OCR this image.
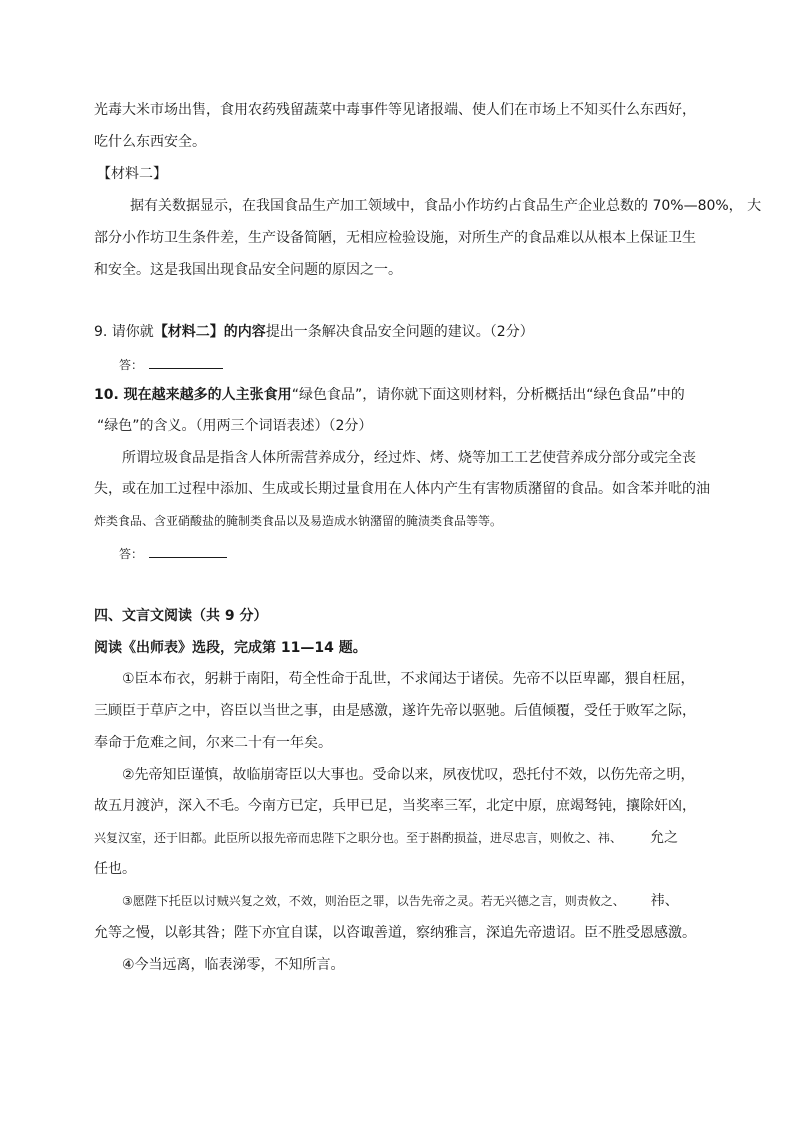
光毒大米市场出售，食用农药残留蔬菜中毒事件等见诸报端、使人们在市场上不知买什么东西好，
吃什么东西安全。
【材料二】
据有关数据显示，在我国食品生产加工领域中，食品小作坊约占食品生产企业总数的 70%—80%， 大
部分小作坊卫生条件差，生产设备简陋，无相应检验设施，对所生产的食品难以从根本上保证卫生
和安全。这是我国出现食品安全问题的原因之一。
9. 请你就【材料二】的内容提出一条解决食品安全问题的建议。（2分）
答：
10. 现在越来越多的人主张食用“绿色食品”，请你就下面这则材料，分析概括出“绿色食品”中的
“绿色”的含义。（用两三个词语表述）（2分）
所谓垃圾食品是指含人体所需营养成分，经过炸、烤、烧等加工工艺使营养成分部分或完全丧
失，或在加工过程中添加、生成或长期过量食用在人体内产生有害物质潴留的食品。如含苯并吡的油
炸类食品、含亚硝酸盐的腌制类食品以及易造成水钠潴留的腌渍类食品等等。
答：
四、文言文阅读（共 9 分）
阅读《出师表》选段，完成第 11—14 题。
①臣本布衣，躬耕于南阳，苟全性命于乱世，不求闻达于诸侯。先帝不以臣卑鄙，猥自枉屈，
三顾臣于草庐之中，咨臣以当世之事，由是感激，遂许先帝以驱驰。后值倾覆，受任于败军之际，
奉命于危难之间，尔来二十有一年矣。
②先帝知臣谨慎，故临崩寄臣以大事也。受命以来，夙夜忧叹，恐托付不效，以伤先帝之明，
故五月渡泸，深入不毛。今南方已定，兵甲已足，当奖率三军，北定中原，庶竭驽钝，攘除奸凶，
兴复汉室，还于旧都。此臣所以报先帝而忠陛下之职分也。至于斟酌损益，进尽忠言，则攸之、祎、 允之
任也。
③愿陛下托臣以讨贼兴复之效，不效，则治臣之罪，以告先帝之灵。若无兴德之言，则责攸之、 祎、
允等之慢，以彰其咎；陛下亦宜自谋，以咨诹善道，察纳雅言，深追先帝遗诏。臣不胜受恩感激。
④今当远离，临表涕零，不知所言。
